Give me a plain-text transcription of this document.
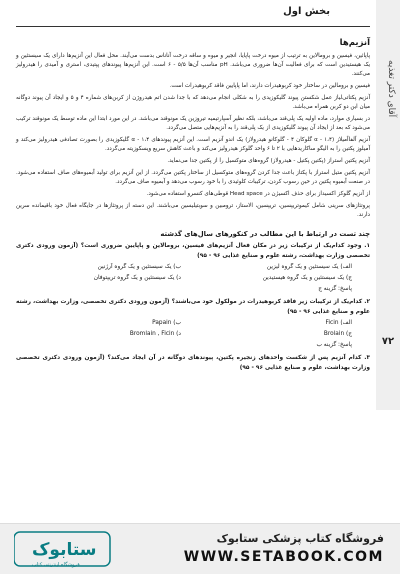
آقای دکتر تغذیه
۷۲
بخش اول
آنزیم‌ها

پاپائین، فیسین و برومالاین به ترتیب از میوه درخت پاپایا، انجیر و میوه و ساقه درخت آناناس بدست می‌آیند. محل فعال این آنزیم‌ها دارای یک سیستئین و یک هیستیدین است که برای فعالیت آن‌ها ضروری می‌باشد. pH مناسب آن‌ها ۵/۵ - ۶ است. این آنزیم‌ها پیوندهای پپتیدی، استری و آمیدی را هیدرولیز می‌کنند.

فیسین و برومالین در ساختار خود کربوهیدرات دارند، اما پاپایین فاقد کربوهیدرات است.

آنزیم پکتاتی‌لیاز عمل شکستن پیوند گلیکوزیدی را به شکلی انجام می‌دهد که با جدا شدن اتم هیدروژن از کربن‌های شماره ۴ و ۵ و ایجاد آن پیوند دوگانه میان این دو کربن همراه می‌باشد.

در بسیاری موارد، ماده اولیه یک پلی‌قند می‌باشد، بلکه نظیر آسپارتیمیه تیروزین یک مونوقند می‌باشد. در این مورد ابتدا این ماده توسط یک مونوقند ترکیب می‌شود که بعد از ایجاد آن پیوند گلیکوزیدی از یک پلی‌قند را به آنزیم‌هایی متصل می‌گردد.

آنزیم آلفاآمیلاز (α - ۱،۴ گلوکان ۴ - گلوکانو هیدرولاز) یک اندو آنزیم است. این آنزیم پیوندهای α - ۱،۴ گلیکوزیدی را بصورت تصادفی هیدرولیز می‌کند و آمیلوز پکتین را به الیگو ساکاریدهایی با ۲ تا ۶ واحد گلوکز هیدرولیز می‌کند و باعث کاهش سریع ویسکوزیته می‌گردد.

آنزیم پکتین استراز (پکتین پکتیل - هیدرولاز) گروه‌های متوکسیل را از پکتین جدا می‌نماید.

آنزیم پکتین متیل استراز با پکتاز باعث جدا کردن گروه‌های متوکسیل از ساختار پکتین می‌گردد. از این آنزیم برای تولید آبمیوه‌های صاف استفاده می‌شود. در صنعت آبمیوه پکتین در حین رسوب کردن، ترکیبات کلوئیدی را با خود رسوب می‌دهد و آبمیوه صاف می‌گردد.

از آنزیم گلوکز اکسیداز برای حذف اکسیژن در Head space قوطی‌های کنسرو استفاده می‌شود.

پروتئازهای سرینی شامل کیموتریپسین، تریپسین، الاستاز، ترومبین و سوبتیلیسین می‌باشند. این دسته از پروتئازها در جایگاه فعال خود باقیمانده سرین دارند.

چند تست در ارتباط با این مطالب در کنکورهای سال‌های گذشته
۱. وجود کدام‌یک از ترکیبات زیر در مکان فعال آنزیم‌های فیسین، برومالاین و پاپایین ضروری است؟ (آزمون ورودی دکتری تخصصی وزارت بهداشت، رشته علوم و صنایع غذایی ۹۶ - ۹۵)
الف) یک سیستئین و یک گروه لیزین
ب) یک سیستئین و یک گروه آرژنین
ج) یک سیستئین و یک گروه هیستیدین
د) یک سیستئین و یک گروه تریپتوفان
پاسخ: گزینه ج
۲. کدام‌یک از ترکیبات زیر فاقد کربوهیدرات در مولکول خود می‌باشند؟ (آزمون ورودی دکتری تخصصی، وزارت بهداشت، رشته علوم و صنایع غذایی ۹۶ - ۹۵)
الف) Ficin
ب) Papain
ج) Brolain
د) Bromlain , Ficin
پاسخ: گزینه ب
۳. کدام آنزیم پس از شکست واحدهای زنجیره پکتین، پیوندهای دوگانه در آن ایجاد می‌کند؟ (آزمون ورودی دکتری تخصصی وزارت بهداشت، علوم و صنایع غذایی ۹۶ - ۹۵)
ستابوک
فروشگاه اینترنتی کتاب
فروشگاه کتاب پزشکی ستابوک
WWW.SETABOOK.COM
